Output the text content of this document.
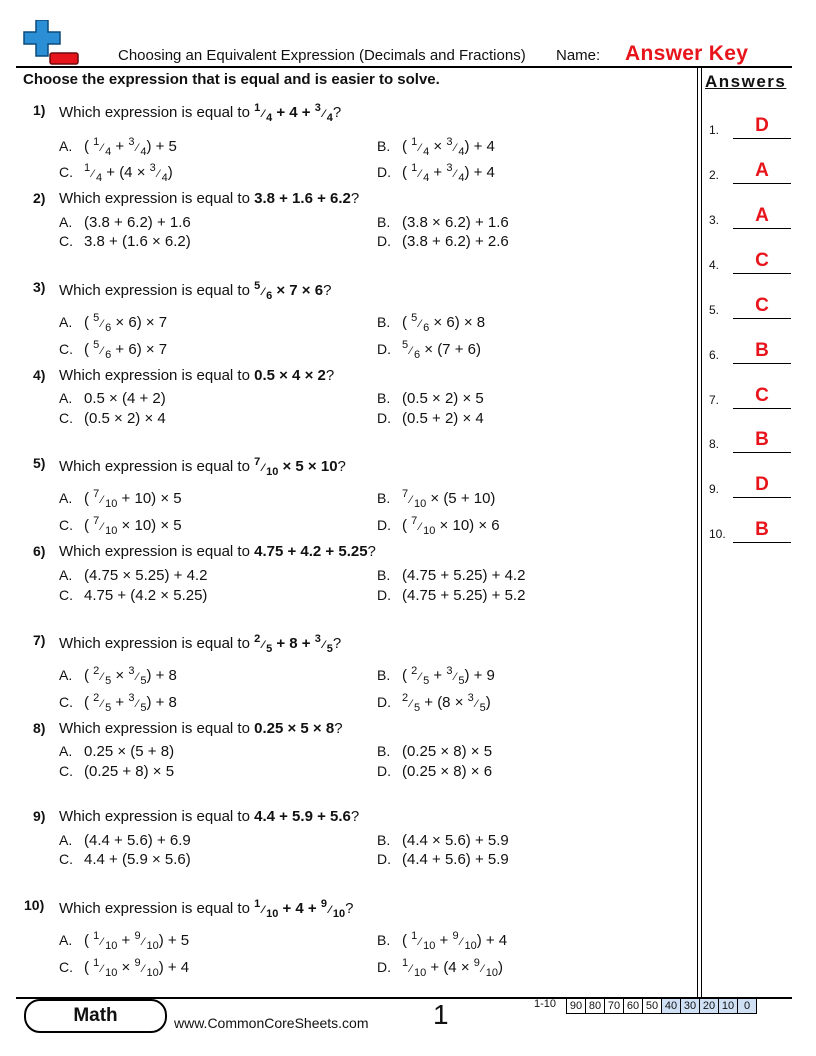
Choosing an Equivalent Expression (Decimals and Fractions) Name: Answer Key
Choose the expression that is equal and is easier to solve.	Answers
1.	D
2.	A
3.	A
4.	C
5.	C
6.	B
7.	C
8.	B
9.	D
10.	B
1) Which expression is equal to $^1$ ⁄ $_4$ + 4 + $^3$ ⁄ $_4$?
A. ( $^1$ ⁄ $_4$ + $^3$ ⁄ $_4$) + 5	B. ( $^1$ ⁄ $_4$ × $^3$ ⁄ $_4$) + 4
C. $^1$ ⁄ $_4$ + (4 × $^3$ ⁄ $_4$)	D. ( $^1$ ⁄ $_4$ + $^3$ ⁄ $_4$) + 4
2) Which expression is equal to 3.8 + 1.6 + 6.2?
A. (3.8 + 6.2) + 1.6	B. (3.8 × 6.2) + 1.6
C. 3.8 + (1.6 × 6.2)	D. (3.8 + 6.2) + 2.6
3) Which expression is equal to $^5$ ⁄ $_6$ × 7 × 6?
A. ( $^5$ ⁄ $_6$ × 6) × 7	B. ( $^5$ ⁄ $_6$ × 6) × 8
C. ( $^5$ ⁄ $_6$ + 6) × 7	D. $^5$ ⁄ $_6$ × (7 + 6)
4) Which expression is equal to 0.5 × 4 × 2?
A. 0.5 × (4 + 2)	B. (0.5 × 2) × 5
C. (0.5 × 2) × 4	D. (0.5 + 2) × 4
5) Which expression is equal to $^7$ ⁄ $_{10}$ × 5 × 10?
A. ( $^7$ ⁄ $_{10}$ + 10) × 5	B. $^7$ ⁄ $_{10}$ × (5 + 10)
C. ( $^7$ ⁄ $_{10}$ × 10) × 5	D. ( $^7$ ⁄ $_{10}$ × 10) × 6
6) Which expression is equal to 4.75 + 4.2 + 5.25?
A. (4.75 × 5.25) + 4.2	B. (4.75 + 5.25) + 4.2
C. 4.75 + (4.2 × 5.25)	D. (4.75 + 5.25) + 5.2
7) Which expression is equal to $^2$ ⁄ $_5$ + 8 + $^3$ ⁄ $_5$?
A. ( $^2$ ⁄ $_5$ × $^3$ ⁄ $_5$) + 8	B. ( $^2$ ⁄ $_5$ + $^3$ ⁄ $_5$) + 9
C. ( $^2$ ⁄ $_5$ + $^3$ ⁄ $_5$) + 8	D. $^2$ ⁄ $_5$ + (8 × $^3$ ⁄ $_5$)
8) Which expression is equal to 0.25 × 5 × 8?
A. 0.25 × (5 + 8)	B. (0.25 × 8) × 5
C. (0.25 + 8) × 5	D. (0.25 × 8) × 6
9) Which expression is equal to 4.4 + 5.9 + 5.6?
A. (4.4 + 5.6) + 6.9	B. (4.4 × 5.6) + 5.9
C. 4.4 + (5.9 × 5.6)	D. (4.4 + 5.6) + 5.9
10) Which expression is equal to $^1$ ⁄ $_{10}$ + 4 + $^9$ ⁄ $_{10}$?
A. ( $^1$ ⁄ $_{10}$ + $^9$ ⁄ $_{10}$) + 5	B. ( $^1$ ⁄ $_{10}$ + $^9$ ⁄ $_{10}$) + 4
C. ( $^1$ ⁄ $_{10}$ × $^9$ ⁄ $_{10}$) + 4	D. $^1$ ⁄ $_{10}$ + (4 × $^9$ ⁄ $_{10}$)
Math	www.CommonCoreSheets.com 1	1-10 90	80	70	60	50	40	30	20	10	0
